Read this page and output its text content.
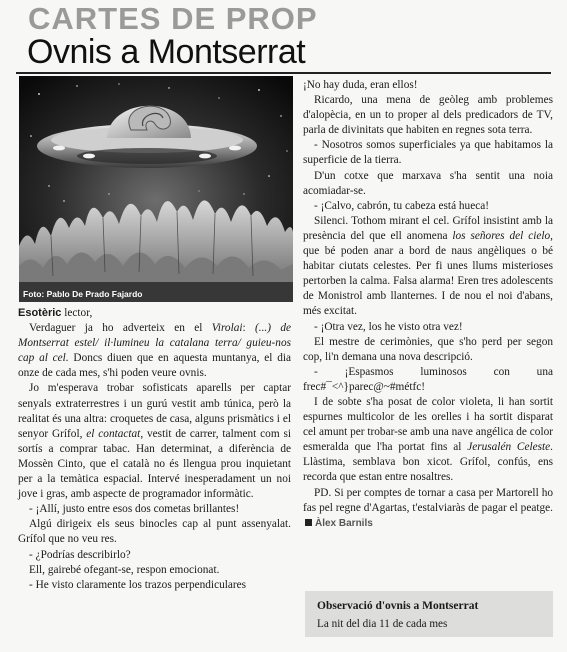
CARTES DE PROP
Ovnis a Montserrat
Foto: Pablo De Prado Fajardo

Esotèric lector,

Verdaguer ja ho adverteix en el Virolai: (...) de Montserrat estel/ il·lumineu la catalana terra/ guieu-nos cap al cel. Doncs diuen que en aquesta muntanya, el dia onze de cada mes, s'hi poden veure ovnis.

Jo m'esperava trobar sofisticats aparells per captar senyals extraterrestres i un gurú vestit amb túnica, però la realitat és una altra: croquetes de casa, alguns prismàtics i el senyor Grífol, el contactat, vestit de carrer, talment com si sortís a comprar tabac. Han determinat, a diferència de Mossèn Cinto, que el català no és llengua prou inquietant per a la temàtica espacial. Intervé inesperadament un noi jove i gras, amb aspecte de programador informàtic.

- ¡Allí, justo entre esos dos cometas brillantes!

Algú dirigeix els seus binocles cap al punt assenyalat. Grífol que no veu res.

- ¿Podrías describirlo?

Ell, gairebé ofegant-se, respon emocionat.

- He visto claramente los trazos perpendiculares

¡No hay duda, eran ellos!

Ricardo, una mena de geòleg amb problemes d'alopècia, en un to proper al dels predicadors de TV, parla de divinitats que habiten en regnes sota terra.

- Nosotros somos superficiales ya que habitamos la superficie de la tierra.

D'un cotxe que marxava s'ha sentit una noia acomiadar-se.

- ¡Calvo, cabrón, tu cabeza está hueca!

Silenci. Tothom mirant el cel. Grífol insistint amb la presència del que ell anomena los señores del cielo, que bé poden anar a bord de naus angèliques o bé habitar ciutats celestes. Per fi unes llums misterioses pertorben la calma. Falsa alarma! Eren tres adolescents de Monistrol amb llanternes. I de nou el noi d'abans, més excitat.

- ¡Otra vez, los he visto otra vez!

El mestre de cerimònies, que s'ho perd per segon cop, li'n demana una nova descripció.

- ¡Espasmos luminosos con una frec#¯<^}parec@~#métfc!

I de sobte s'ha posat de color violeta, li han sortit espurnes multicolor de les orelles i ha sortit disparat cel amunt per trobar-se amb una nave angélica de color esmeralda que l'ha portat fins al Jerusalén Celeste. Llàstima, semblava bon xicot. Grífol, confús, ens recorda que estan entre nosaltres.

PD. Si per comptes de tornar a casa per Martorell ho fas pel regne d'Agartas, t'estalviaràs de pagar el peatge.Àlex Barnils

Observació d'ovnis a Montserrat
La nit del dia 11 de cada mes
